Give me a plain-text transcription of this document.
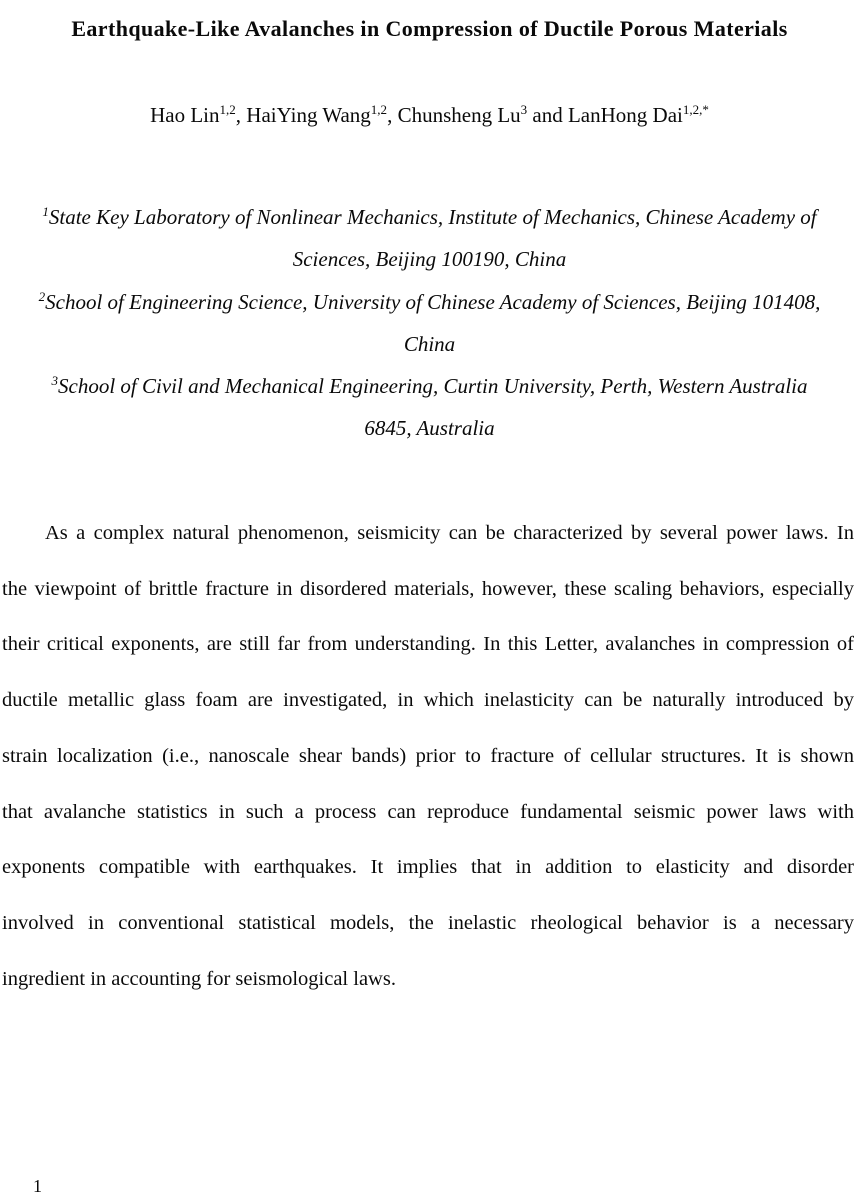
Earthquake-Like Avalanches in Compression of Ductile Porous Materials
Hao Lin$^{1,2}$, HaiYing Wang$^{1,2}$, Chunsheng Lu$^3$ and LanHong Dai$^{1,2,*}$
$^1$State Key Laboratory of Nonlinear Mechanics, Institute of Mechanics, Chinese Academy of
Sciences, Beijing 100190, China
$^2$School of Engineering Science, University of Chinese Academy of Sciences, Beijing 101408,
China
$^3$School of Civil and Mechanical Engineering, Curtin University, Perth, Western Australia
6845, Australia
As a complex natural phenomenon, seismicity can be characterized by several power laws. In
the viewpoint of brittle fracture in disordered materials, however, these scaling behaviors, especially
their critical exponents, are still far from understanding. In this Letter, avalanches in compression of
ductile metallic glass foam are investigated, in which inelasticity can be naturally introduced by
strain localization (i.e., nanoscale shear bands) prior to fracture of cellular structures. It is shown
that avalanche statistics in such a process can reproduce fundamental seismic power laws with
exponents compatible with earthquakes. It implies that in addition to elasticity and disorder
involved in conventional statistical models, the inelastic rheological behavior is a necessary
ingredient in accounting for seismological laws.
1
